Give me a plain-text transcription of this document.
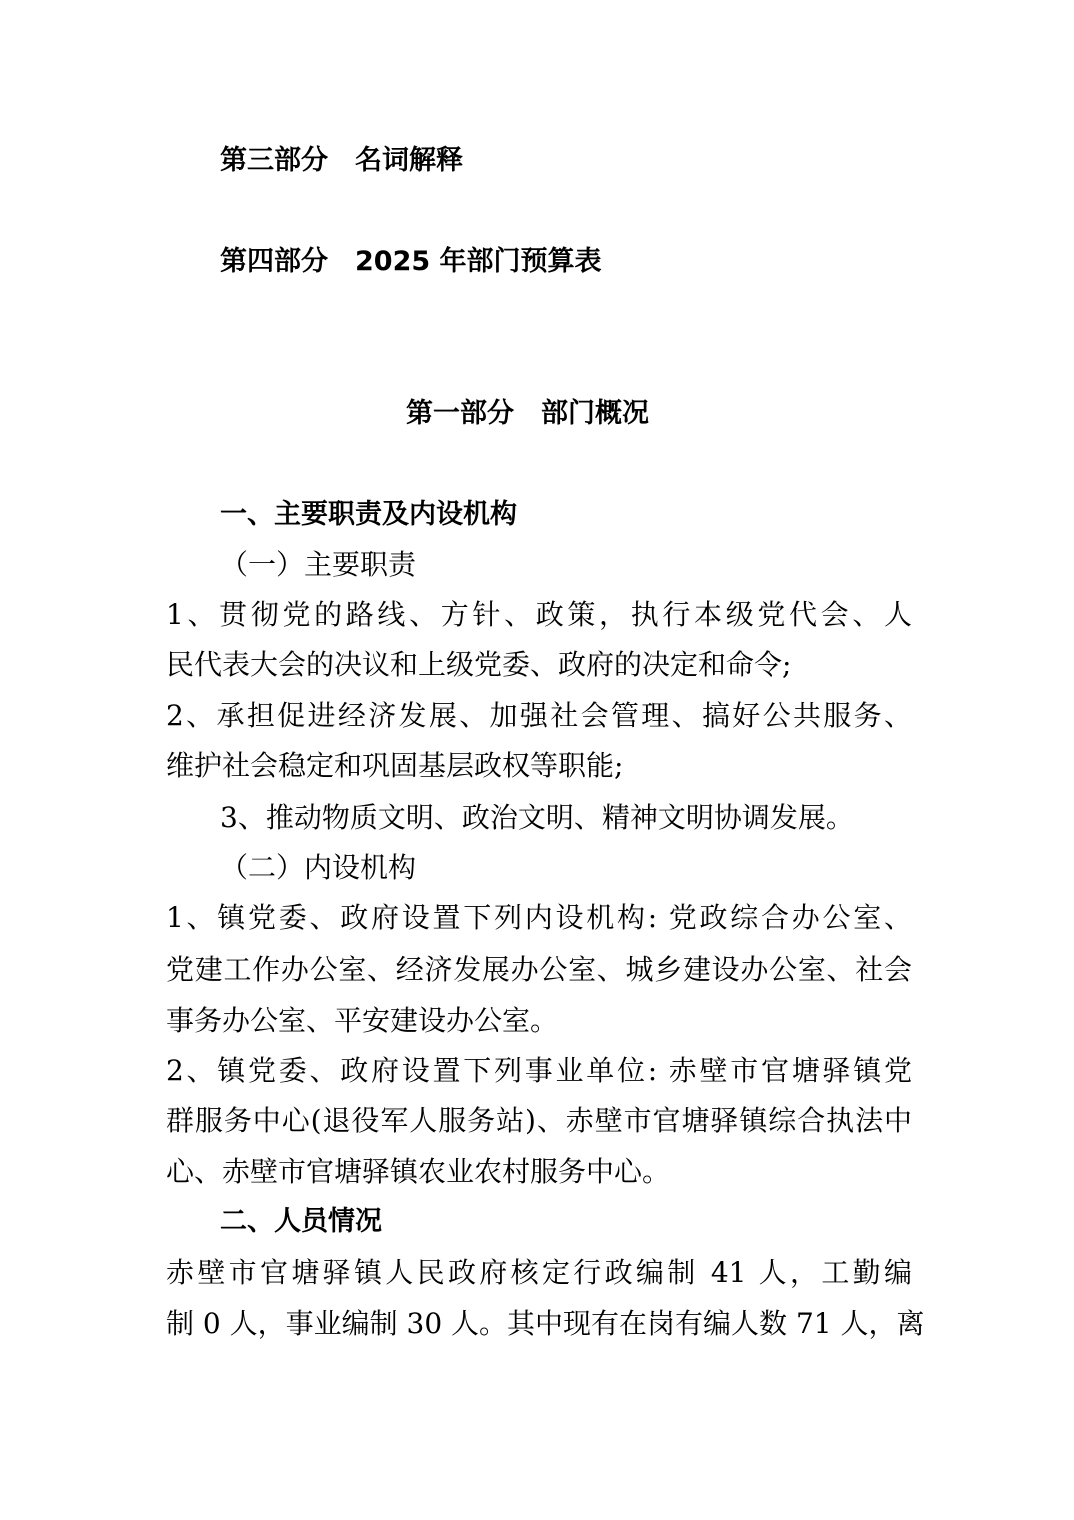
第三部分　名词解释
第四部分　2025 年部门预算表
第一部分　部门概况
一、主要职责及内设机构
（一）主要职责
1、贯彻党的路线、方针、政策，执行本级党代会、人
民代表大会的决议和上级党委、政府的决定和命令;
2、承担促进经济发展、加强社会管理、搞好公共服务、
维护社会稳定和巩固基层政权等职能;
3、推动物质文明、政治文明、精神文明协调发展。
（二）内设机构
1、镇党委、政府设置下列内设机构: 党政综合办公室、
党建工作办公室、经济发展办公室、城乡建设办公室、社会
事务办公室、平安建设办公室。
2、镇党委、政府设置下列事业单位: 赤壁市官塘驿镇党
群服务中心(退役军人服务站)、赤壁市官塘驿镇综合执法中
心、赤壁市官塘驿镇农业农村服务中心。
二、人员情况
赤壁市官塘驿镇人民政府核定行政编制 41 人，工勤编
制 0 人，事业编制 30 人。其中现有在岗有编人数 71 人，离
